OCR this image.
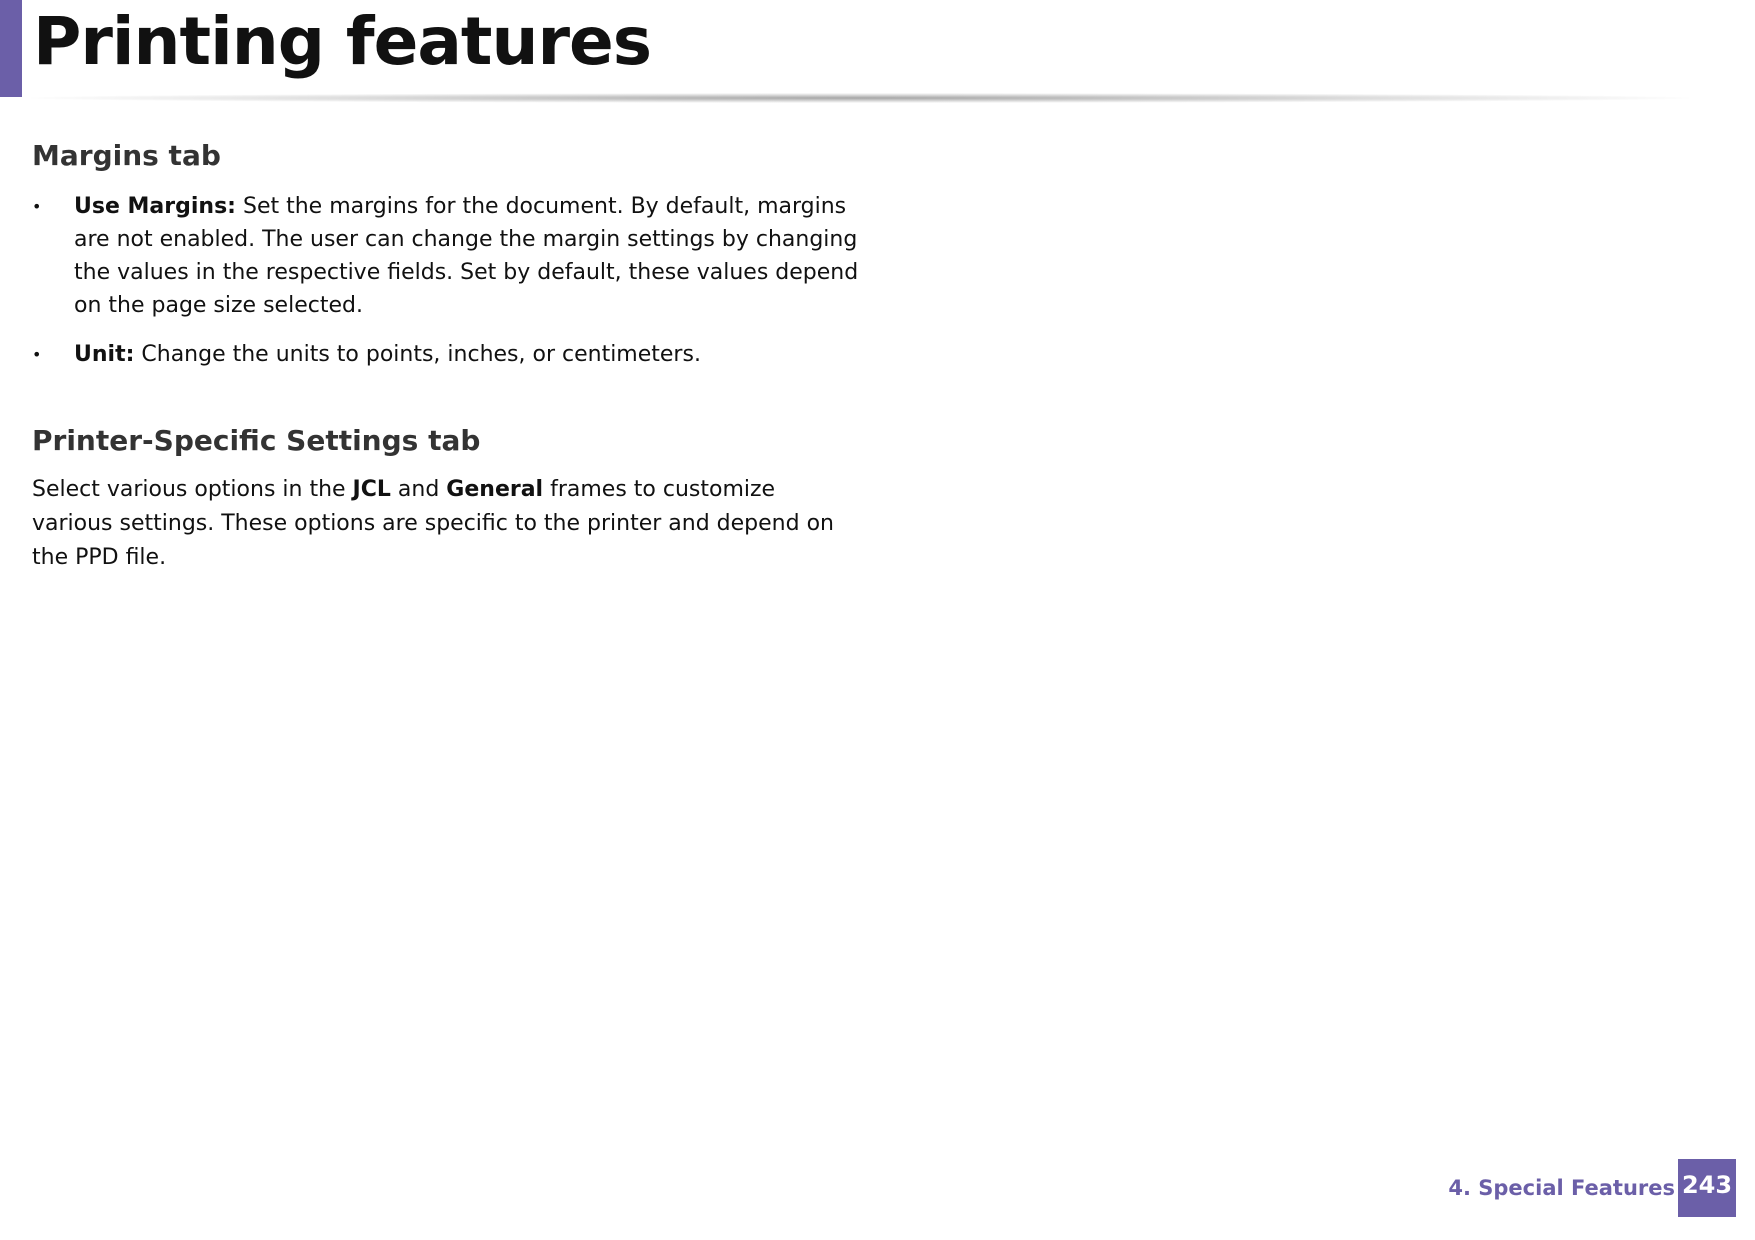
Printing features
Margins tab
• Use Margins: Set the margins for the document. By default, margins are not enabled. The user can change the margin settings by changing the values in the respective fields. Set by default, these values depend on the page size selected.
• Unit: Change the units to points, inches, or centimeters.
Printer-Specific Settings tab

Select various options in the JCL and General frames to customize various settings. These options are specific to the printer and depend on the PPD file.

4. Special Features 243
